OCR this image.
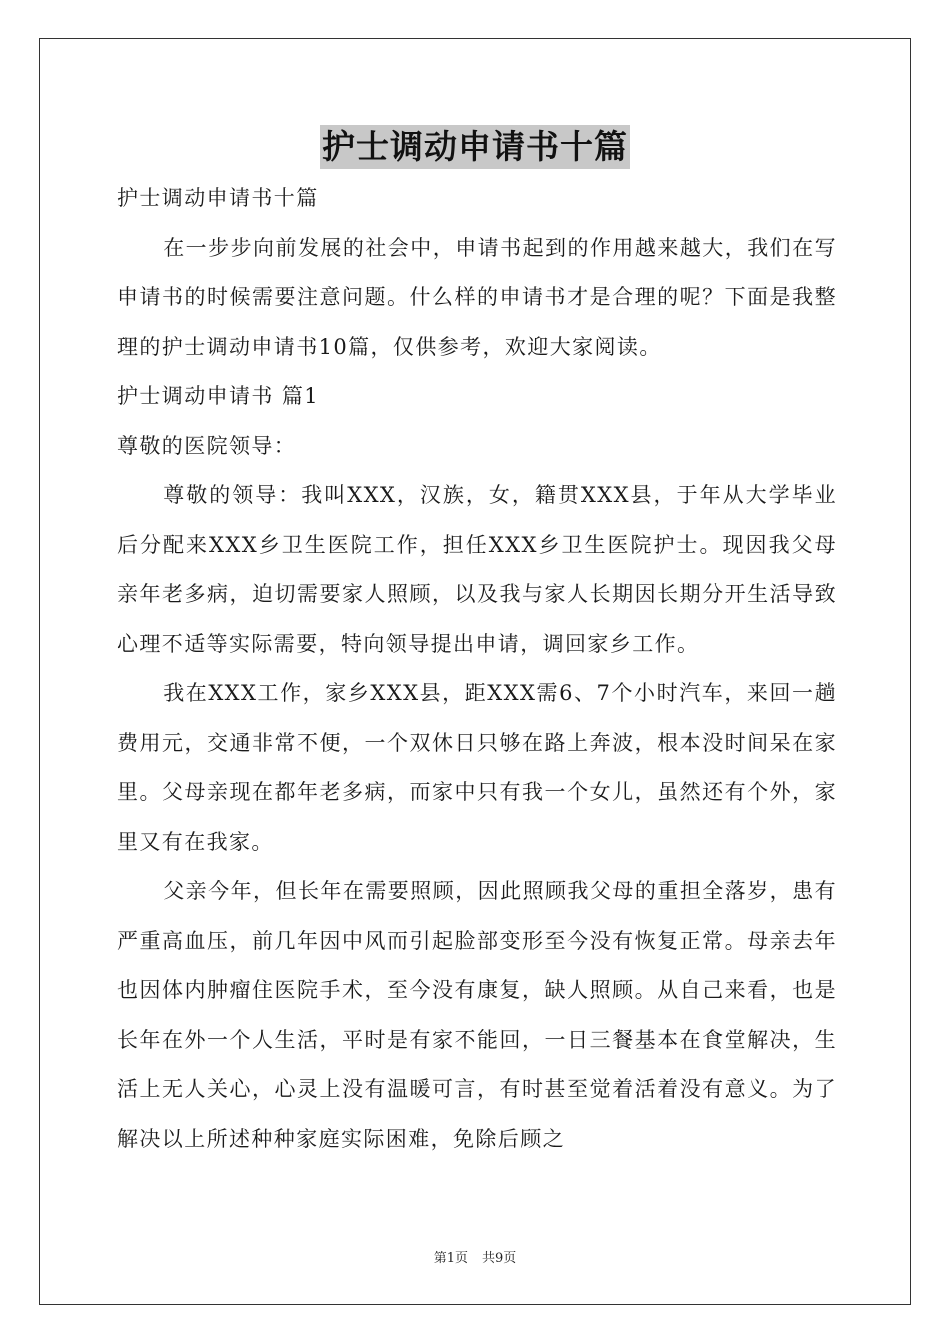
护士调动申请书十篇

护士调动申请书十篇

在一步步向前发展的社会中，申请书起到的作用越来越大，我们在写申请书的时候需要注意问题。什么样的申请书才是合理的呢？下面是我整理的护士调动申请书10篇，仅供参考，欢迎大家阅读。

护士调动申请书 篇1

尊敬的医院领导：

尊敬的领导：我叫XXX，汉族，女，籍贯XXX县，于年从大学毕业后分配来XXX乡卫生医院工作，担任XXX乡卫生医院护士。现因我父母亲年老多病，迫切需要家人照顾，以及我与家人长期因长期分开生活导致心理不适等实际需要，特向领导提出申请，调回家乡工作。

我在XXX工作，家乡XXX县，距XXX需6、7个小时汽车，来回一趟费用元，交通非常不便，一个双休日只够在路上奔波，根本没时间呆在家里。父母亲现在都年老多病，而家中只有我一个女儿，虽然还有个外，家里又有在我家。

父亲今年，但长年在需要照顾，因此照顾我父母的重担全落岁，患有严重高血压，前几年因中风而引起脸部变形至今没有恢复正常。母亲去年也因体内肿瘤住医院手术，至今没有康复，缺人照顾。从自己来看，也是长年在外一个人生活，平时是有家不能回，一日三餐基本在食堂解决，生活上无人关心，心灵上没有温暖可言，有时甚至觉着活着没有意义。为了解决以上所述种种家庭实际困难，免除后顾之

第1页 共9页
